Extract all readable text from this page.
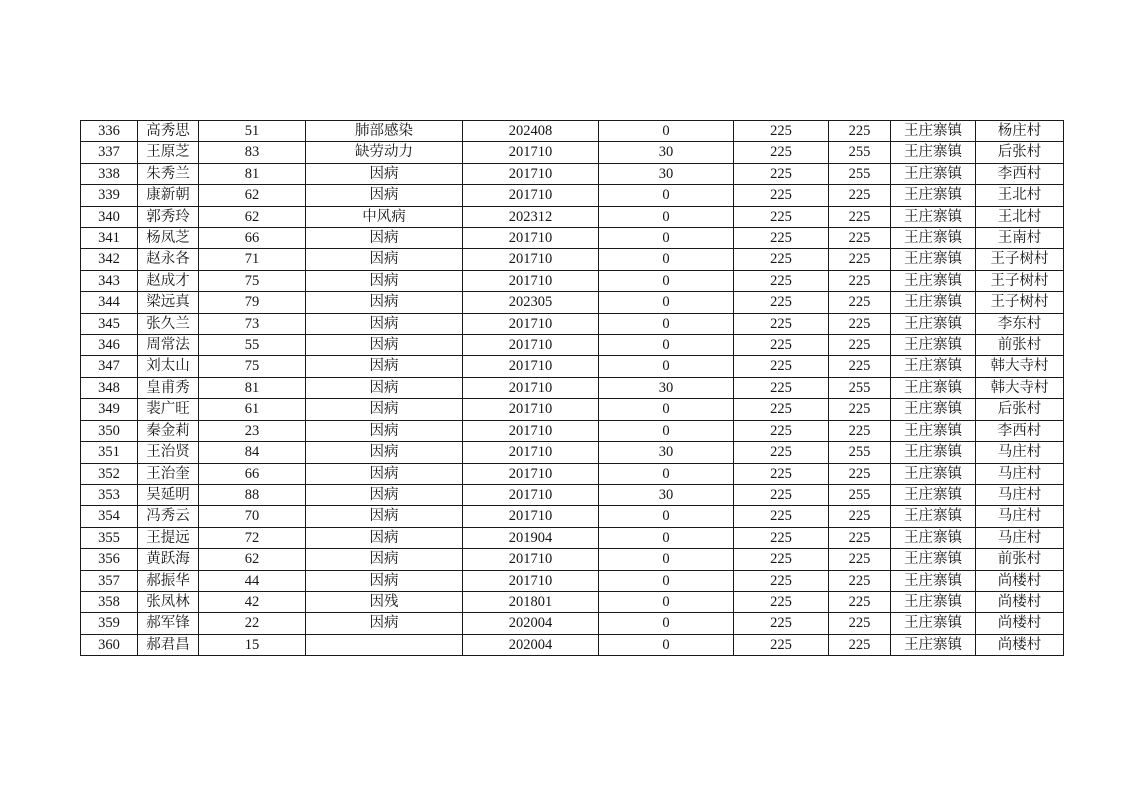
336	高秀思	51	肺部感染	202408	0	225	225	王庄寨镇	杨庄村
337	王原芝	83	缺劳动力	201710	30	225	255	王庄寨镇	后张村
338	朱秀兰	81	因病	201710	30	225	255	王庄寨镇	李西村
339	康新朝	62	因病	201710	0	225	225	王庄寨镇	王北村
340	郭秀玲	62	中风病	202312	0	225	225	王庄寨镇	王北村
341	杨凤芝	66	因病	201710	0	225	225	王庄寨镇	王南村
342	赵永各	71	因病	201710	0	225	225	王庄寨镇	王子树村
343	赵成才	75	因病	201710	0	225	225	王庄寨镇	王子树村
344	梁远真	79	因病	202305	0	225	225	王庄寨镇	王子树村
345	张久兰	73	因病	201710	0	225	225	王庄寨镇	李东村
346	周常法	55	因病	201710	0	225	225	王庄寨镇	前张村
347	刘太山	75	因病	201710	0	225	225	王庄寨镇	韩大寺村
348	皇甫秀	81	因病	201710	30	225	255	王庄寨镇	韩大寺村
349	裴广旺	61	因病	201710	0	225	225	王庄寨镇	后张村
350	秦金莉	23	因病	201710	0	225	225	王庄寨镇	李西村
351	王治贤	84	因病	201710	30	225	255	王庄寨镇	马庄村
352	王治奎	66	因病	201710	0	225	225	王庄寨镇	马庄村
353	吴延明	88	因病	201710	30	225	255	王庄寨镇	马庄村
354	冯秀云	70	因病	201710	0	225	225	王庄寨镇	马庄村
355	王提远	72	因病	201904	0	225	225	王庄寨镇	马庄村
356	黄跃海	62	因病	201710	0	225	225	王庄寨镇	前张村
357	郝振华	44	因病	201710	0	225	225	王庄寨镇	尚楼村
358	张凤林	42	因残	201801	0	225	225	王庄寨镇	尚楼村
359	郝军锋	22	因病	202004	0	225	225	王庄寨镇	尚楼村
360	郝君昌	15		202004	0	225	225	王庄寨镇	尚楼村
